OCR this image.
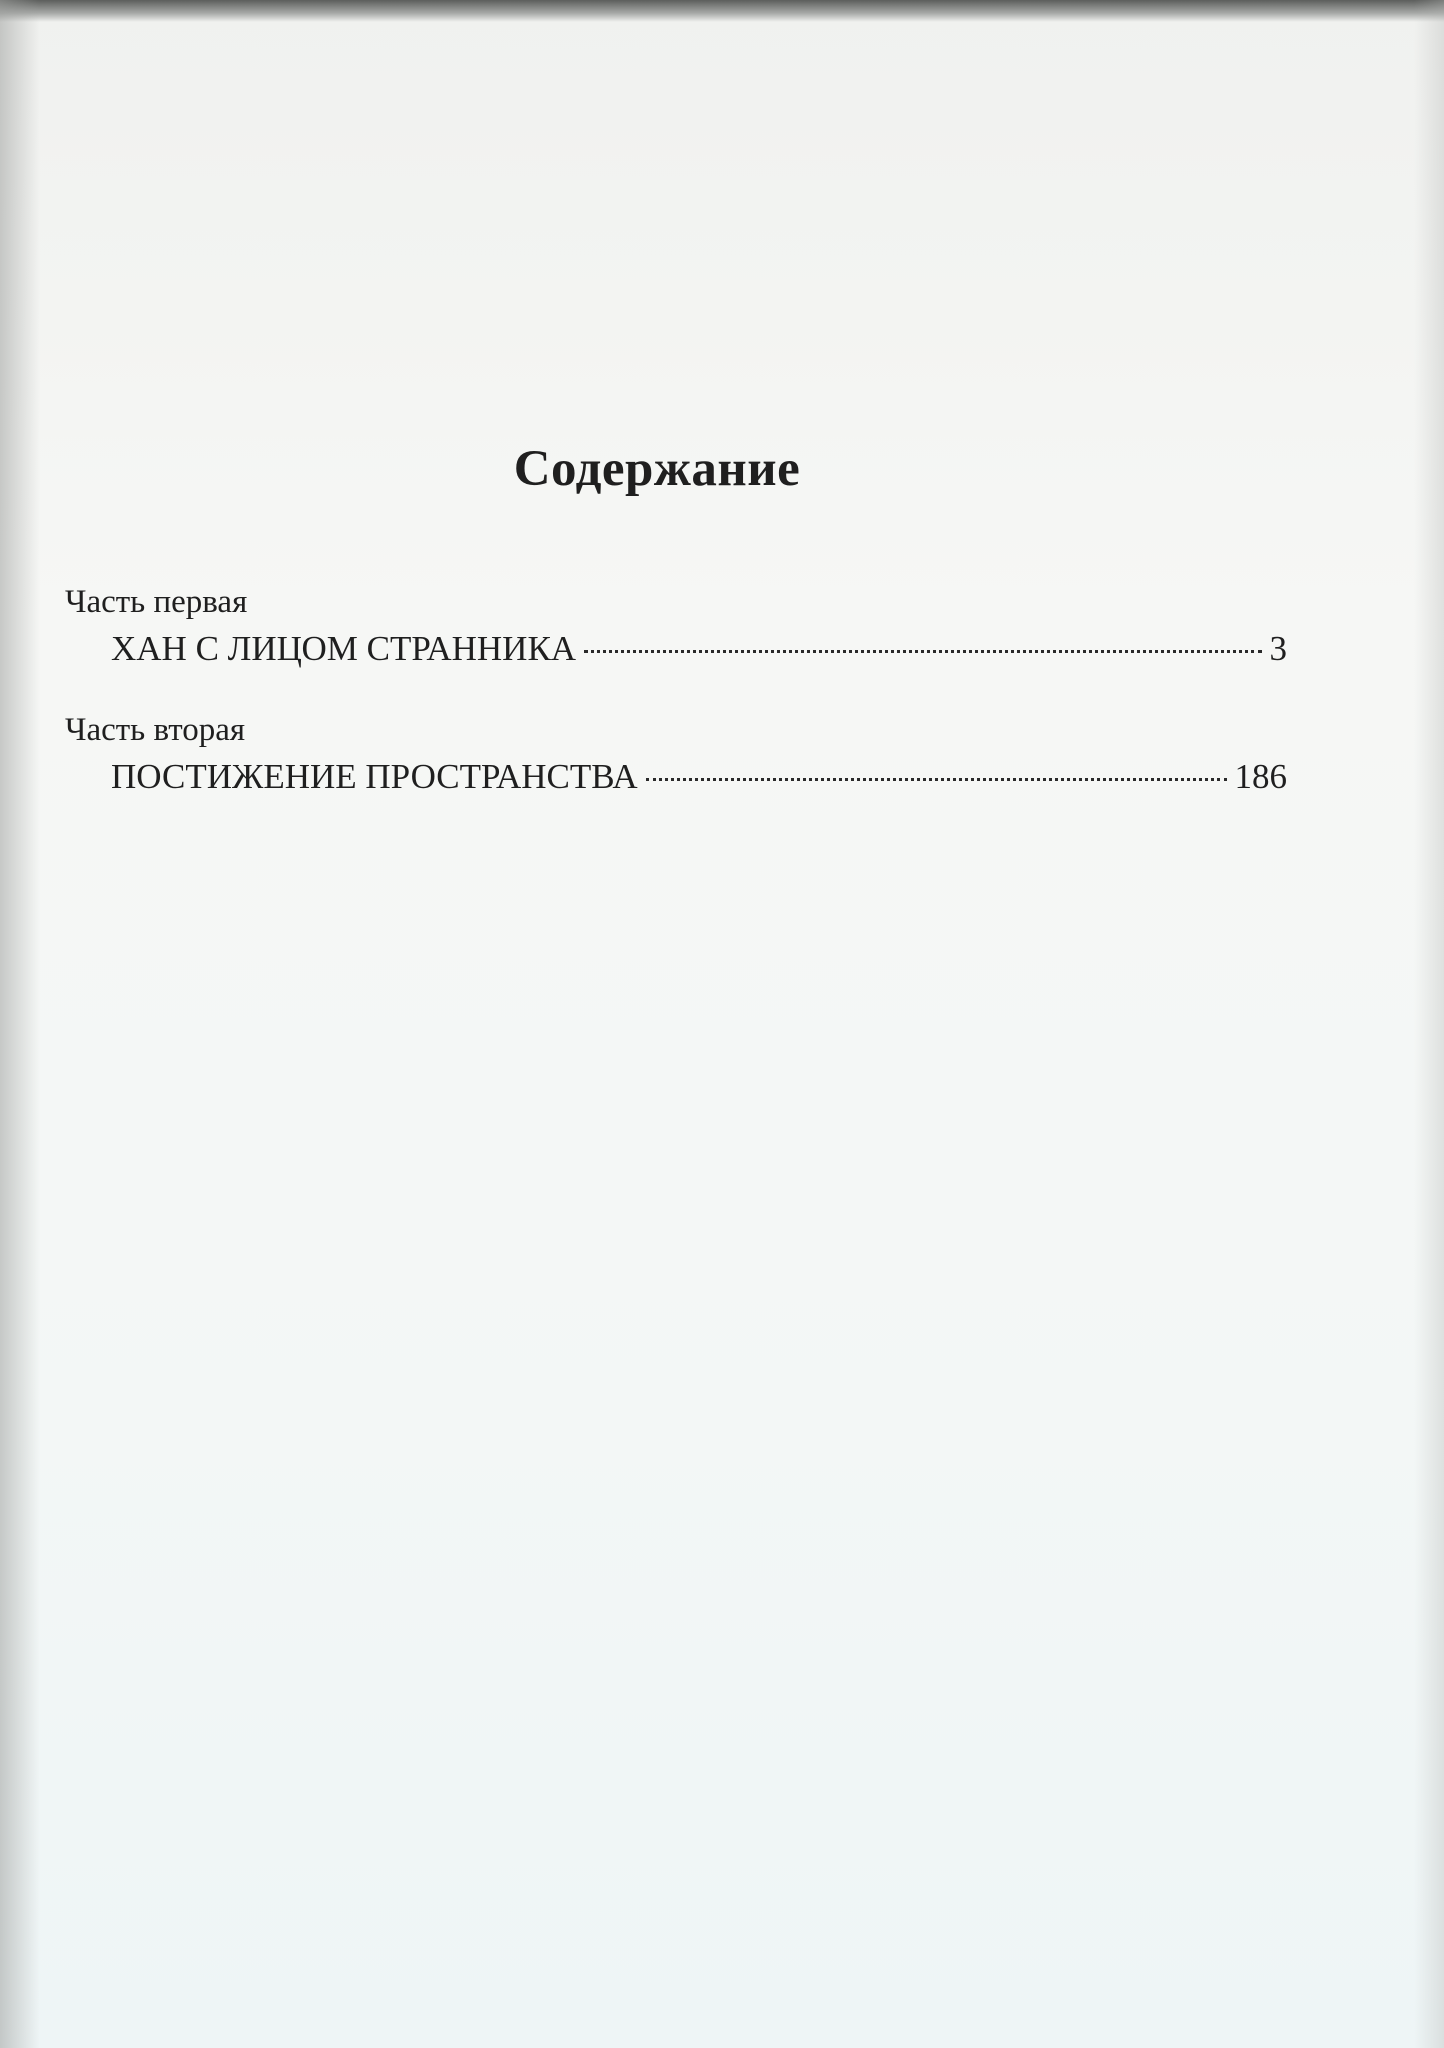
Содержание
Часть первая
ХАН С ЛИЦОМ СТРАННИКА	3
Часть вторая
ПОСТИЖЕНИЕ ПРОСТРАНСТВА	186
